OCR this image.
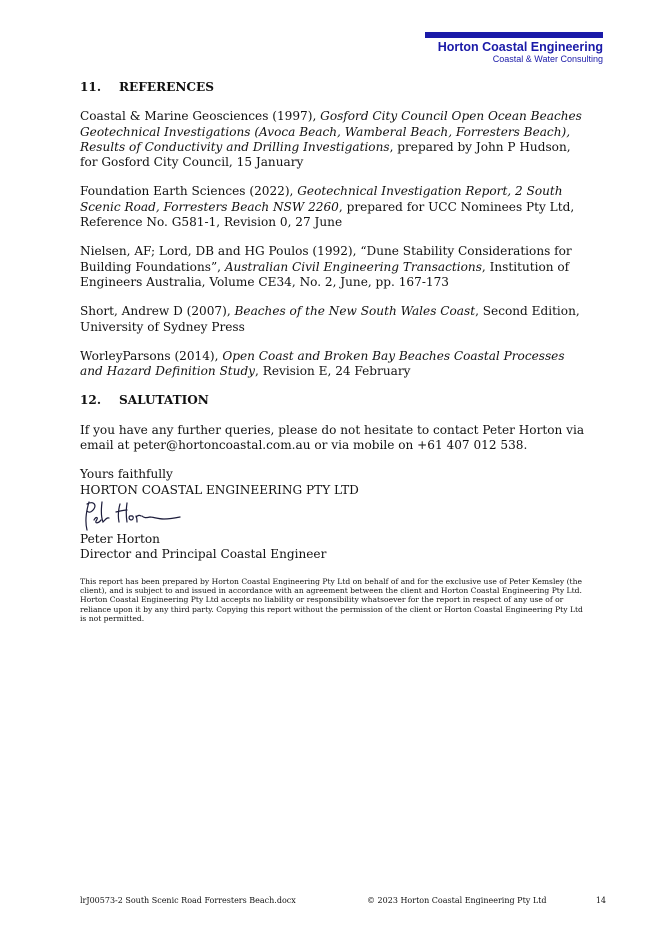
Horton Coastal Engineering
Coastal & Water Consulting
11.	REFERENCES

Coastal & Marine Geosciences (1997), Gosford City Council Open Ocean Beaches Geotechnical Investigations (Avoca Beach, Wamberal Beach, Forresters Beach), Results of Conductivity and Drilling Investigations, prepared by John P Hudson, for Gosford City Council, 15 January

Foundation Earth Sciences (2022), Geotechnical Investigation Report, 2 South Scenic Road, Forresters Beach NSW 2260, prepared for UCC Nominees Pty Ltd, Reference No. G581-1, Revision 0, 27 June

Nielsen, AF; Lord, DB and HG Poulos (1992), “Dune Stability Considerations for Building Foundations”, Australian Civil Engineering Transactions, Institution of Engineers Australia, Volume CE34, No. 2, June, pp. 167-173

Short, Andrew D (2007), Beaches of the New South Wales Coast, Second Edition, University of Sydney Press

WorleyParsons (2014), Open Coast and Broken Bay Beaches Coastal Processes and Hazard Definition Study, Revision E, 24 February

12.	SALUTATION

If you have any further queries, please do not hesitate to contact Peter Horton via email at peter@hortoncoastal.com.au or via mobile on +61 407 012 538.

Yours faithfully

HORTON COASTAL ENGINEERING PTY LTD

Peter Horton

Director and Principal Coastal Engineer

This report has been prepared by Horton Coastal Engineering Pty Ltd on behalf of and for the exclusive use of Peter Kemsley (the client), and is subject to and issued in accordance with an agreement between the client and Horton Coastal Engineering Pty Ltd. Horton Coastal Engineering Pty Ltd accepts no liability or responsibility whatsoever for the report in respect of any use of or reliance upon it by any third party. Copying this report without the permission of the client or Horton Coastal Engineering Pty Ltd is not permitted.

lrJ00573-2 South Scenic Road Forresters Beach.docx	© 2023 Horton Coastal Engineering Pty Ltd	14
